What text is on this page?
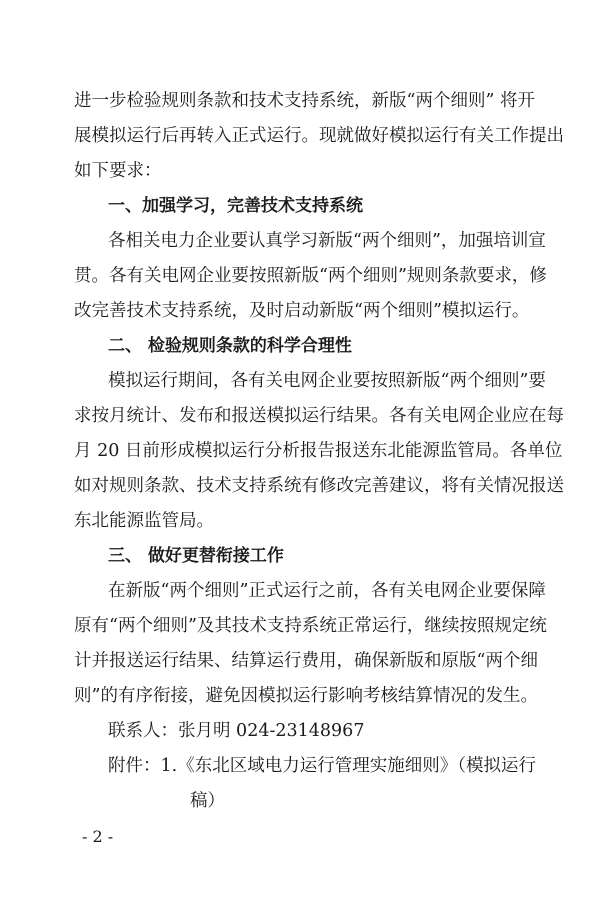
进一步检验规则条款和技术支持系统，新版“两个细则” 将开
展模拟运行后再转入正式运行。现就做好模拟运行有关工作提出
如下要求：
一、加强学习，完善技术支持系统
各相关电力企业要认真学习新版“两个细则”，加强培训宣
贯。各有关电网企业要按照新版“两个细则”规则条款要求，修
改完善技术支持系统，及时启动新版“两个细则”模拟运行。
二、 检验规则条款的科学合理性
模拟运行期间，各有关电网企业要按照新版“两个细则”要
求按月统计、发布和报送模拟运行结果。各有关电网企业应在每
月 20 日前形成模拟运行分析报告报送东北能源监管局。各单位
如对规则条款、技术支持系统有修改完善建议，将有关情况报送
东北能源监管局。
三、 做好更替衔接工作
在新版“两个细则”正式运行之前，各有关电网企业要保障
原有“两个细则”及其技术支持系统正常运行，继续按照规定统
计并报送运行结果、结算运行费用，确保新版和原版“两个细
则”的有序衔接，避免因模拟运行影响考核结算情况的发生。
联系人：张月明 024-23148967
附件：1.《东北区域电力运行管理实施细则》（模拟运行
稿）
- 2 -
